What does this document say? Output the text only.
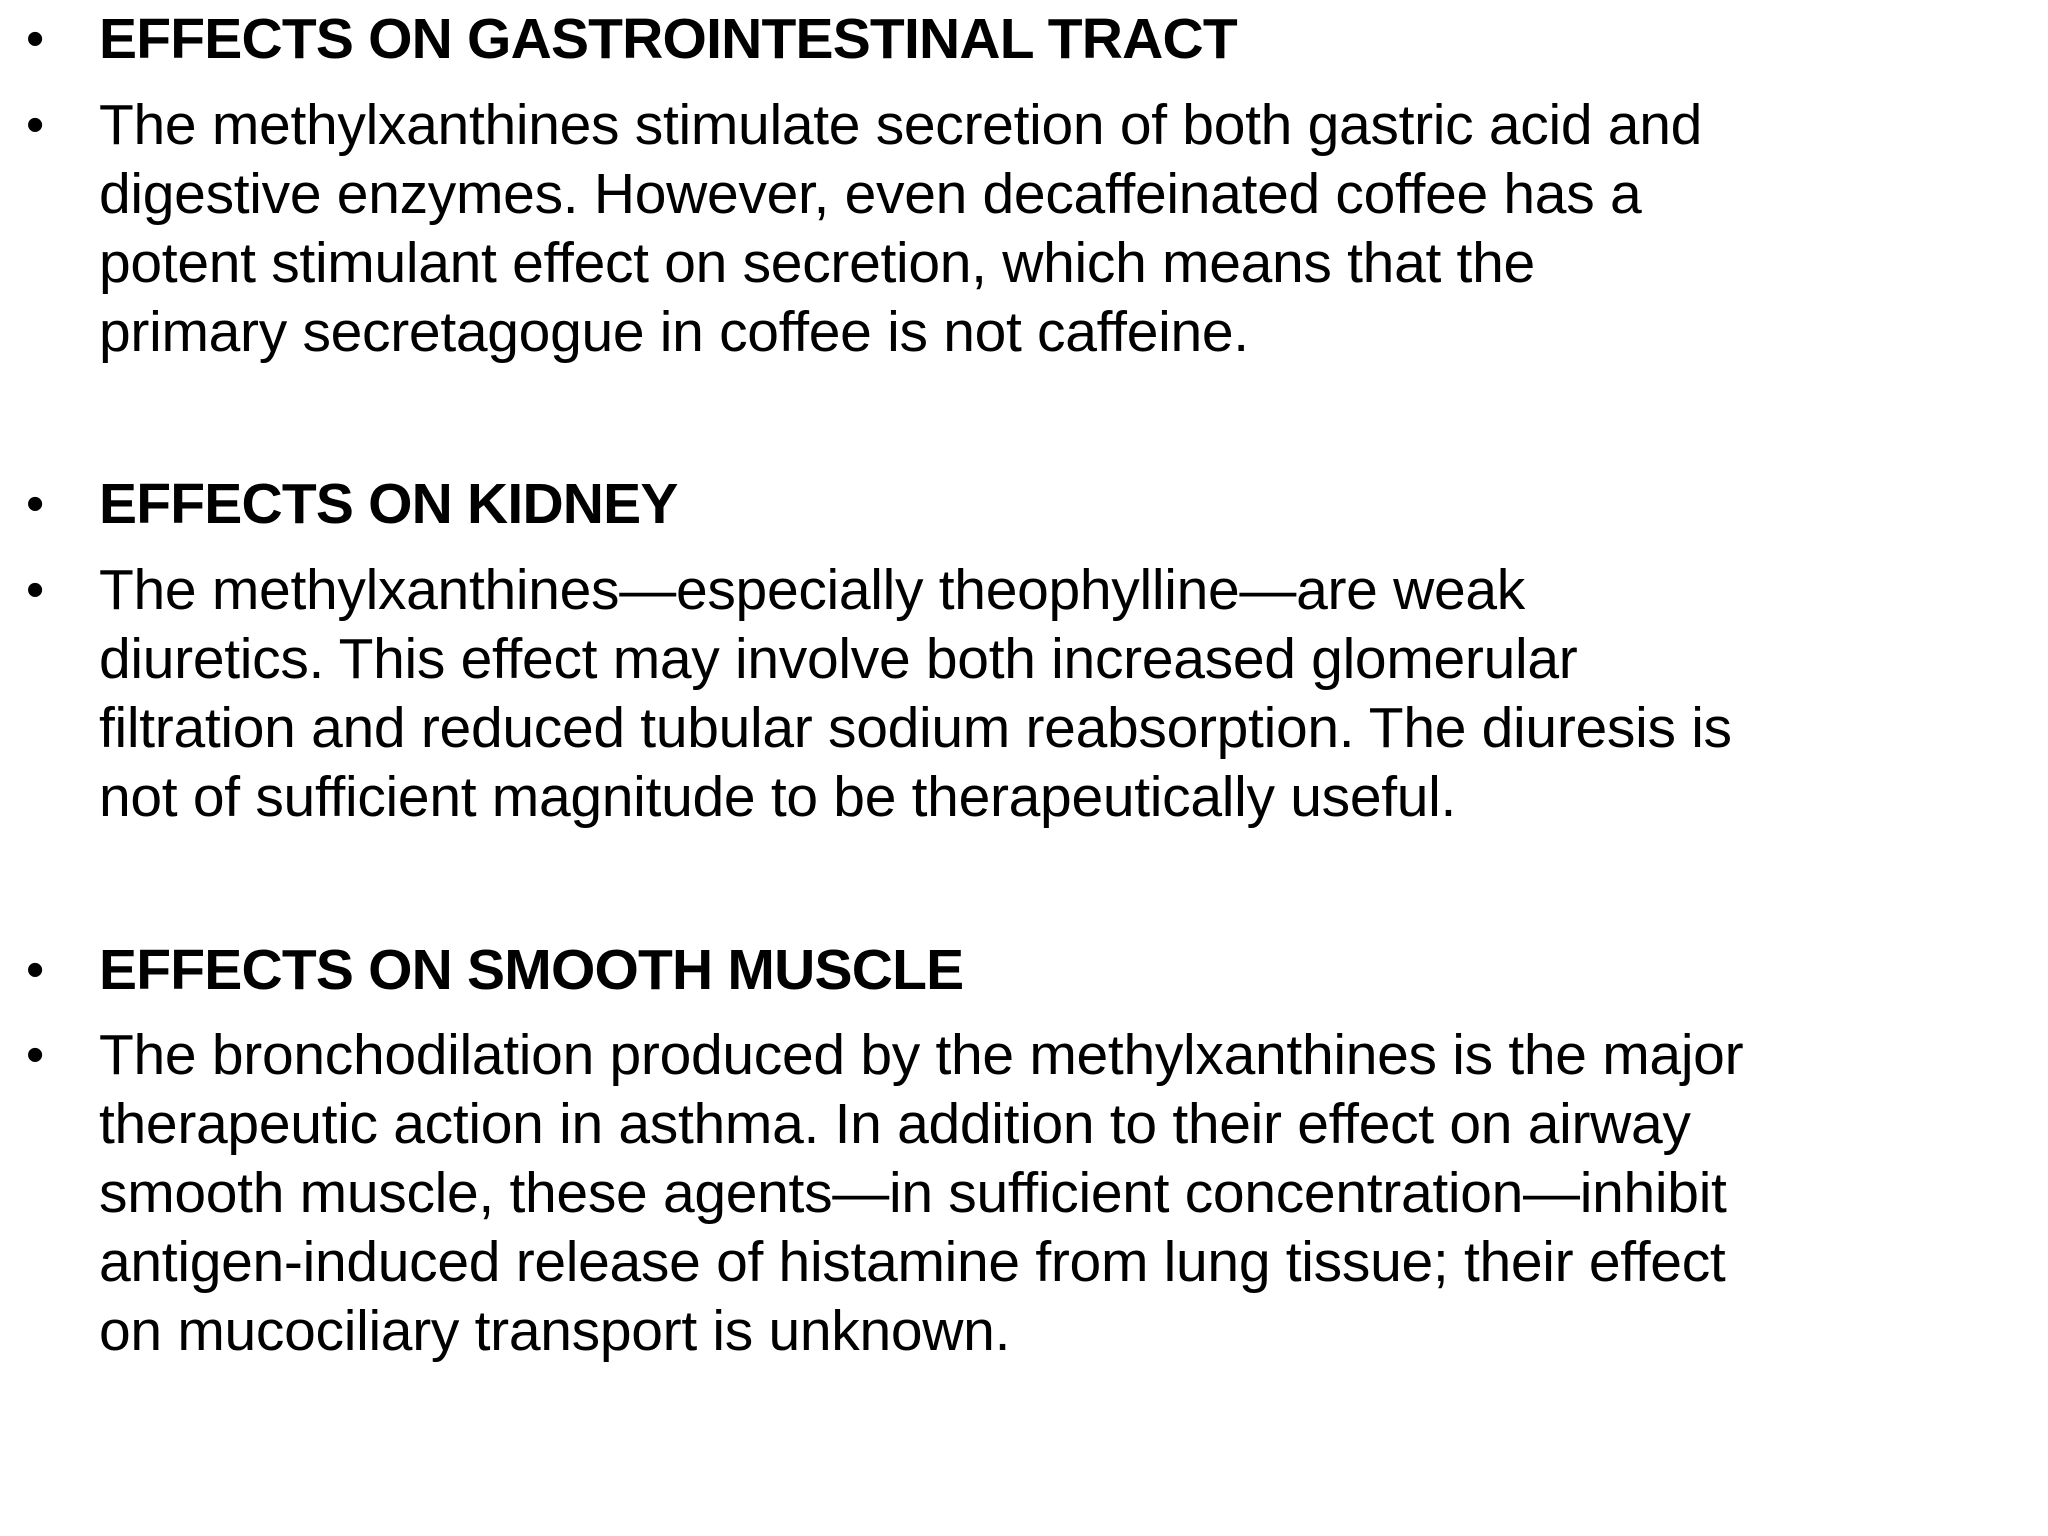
• EFFECTS ON GASTROINTESTINAL TRACT
• The methylxanthines stimulate secretion of both gastric acid and
digestive enzymes. However, even decaffeinated coffee has a
potent stimulant effect on secretion, which means that the
primary secretagogue in coffee is not caffeine.
• EFFECTS ON KIDNEY
• The methylxanthines—especially theophylline—are weak
diuretics. This effect may involve both increased glomerular
filtration and reduced tubular sodium reabsorption. The diuresis is
not of sufficient magnitude to be therapeutically useful.
• EFFECTS ON SMOOTH MUSCLE
• The bronchodilation produced by the methylxanthines is the major
therapeutic action in asthma. In addition to their effect on airway
smooth muscle, these agents—in sufficient concentration—inhibit
antigen-induced release of histamine from lung tissue; their effect
on mucociliary transport is unknown.
